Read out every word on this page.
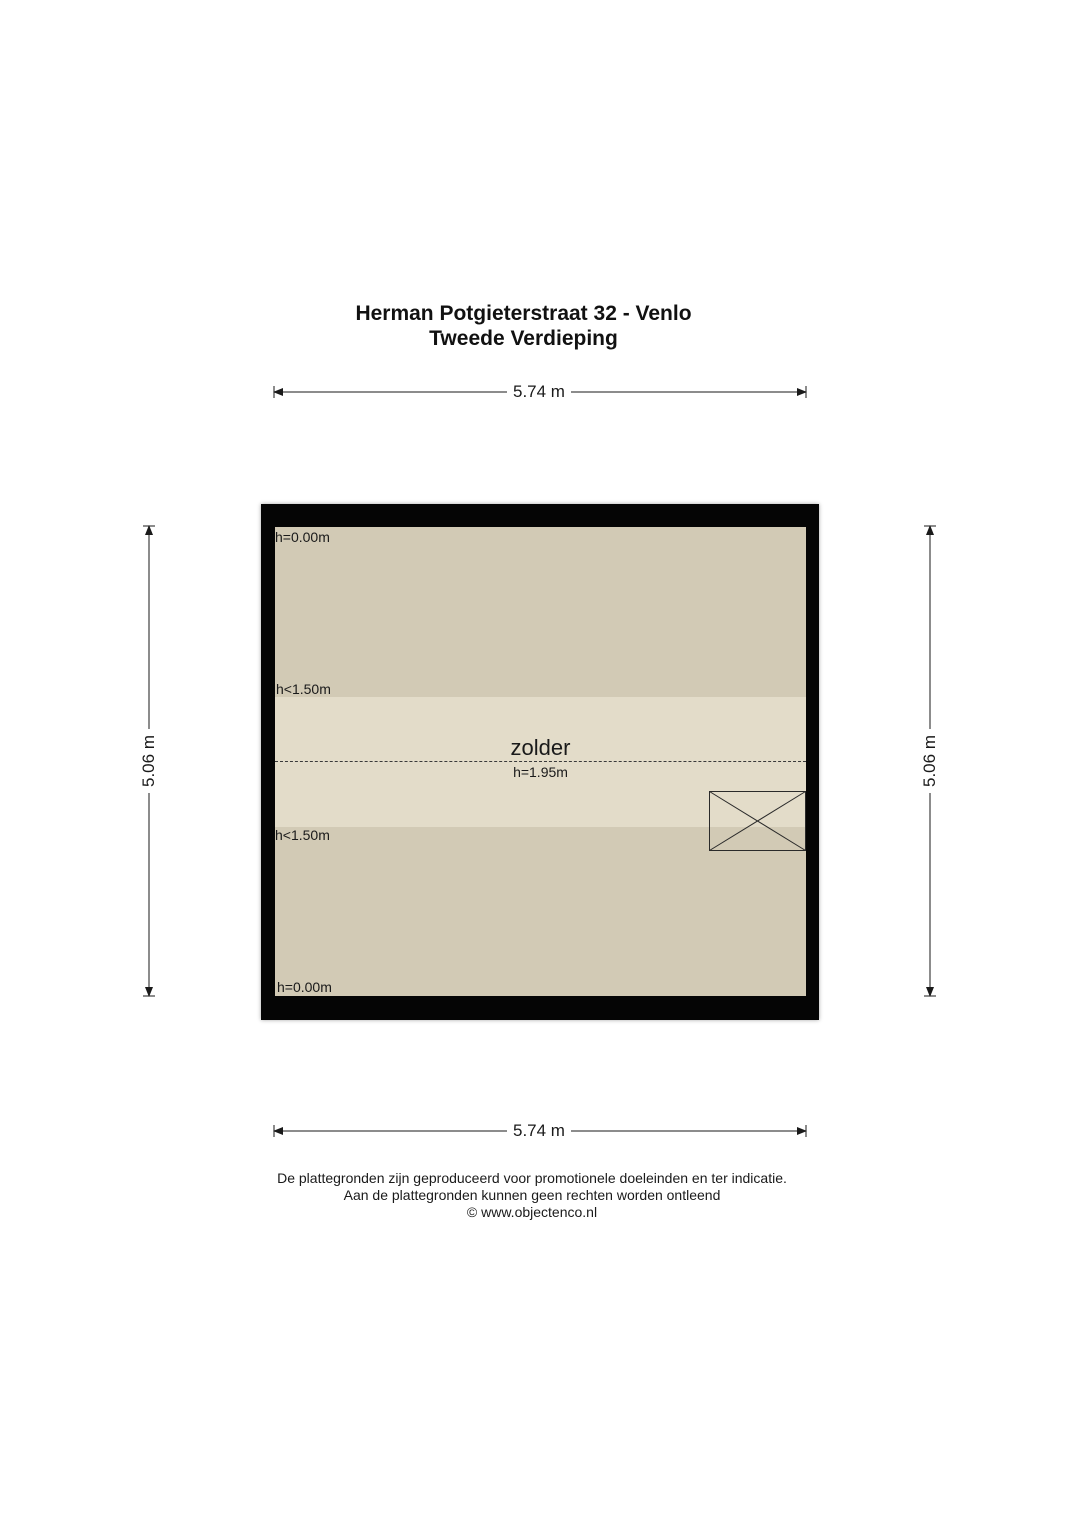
Herman Potgieterstraat 32 - Venlo
Tweede Verdieping
5.74 m
5.74 m
5.06 m	5.06 m
h=0.00m
h<1.50m
h<1.50m
h=0.00m
zolder
h=1.95m
De plattegronden zijn geproduceerd voor promotionele doeleinden en ter indicatie.
Aan de plattegronden kunnen geen rechten worden ontleend
© www.objectenco.nl
